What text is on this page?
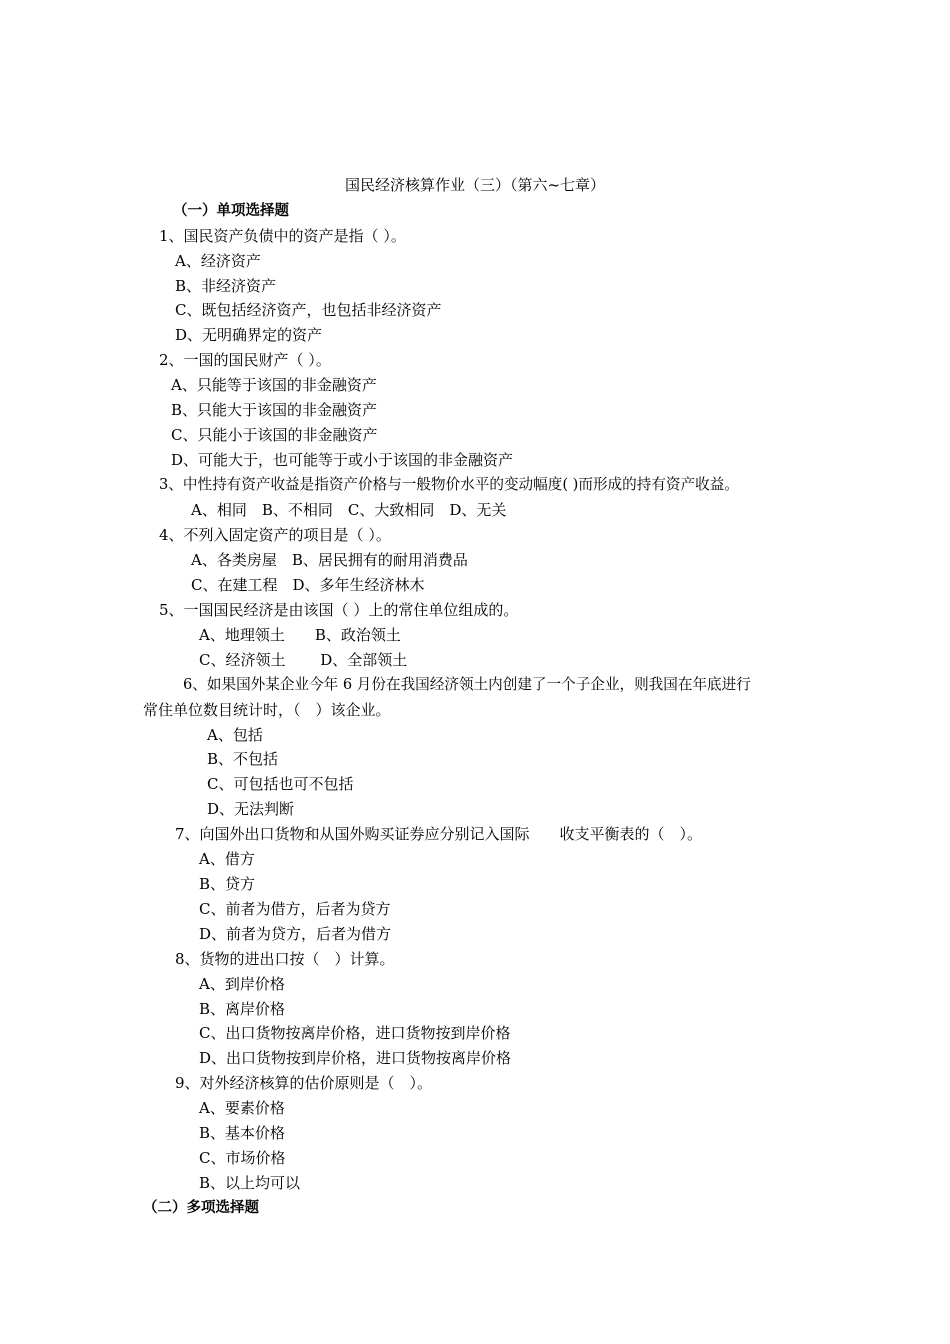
国民经济核算作业（三）（第六~七章）
（一）单项选择题
1、国民资产负债中的资产是指（ ）。
A、经济资产
B、非经济资产
C、既包括经济资产，也包括非经济资产
D、无明确界定的资产
2、一国的国民财产（ ）。
A、只能等于该国的非金融资产
B、只能大于该国的非金融资产
C、只能小于该国的非金融资产
D、可能大于，也可能等于或小于该国的非金融资产
3、中性持有资产收益是指资产价格与一般物价水平的变动幅度( )而形成的持有资产收益。
A、相同　B、不相同　C、大致相同　D、无关
4、不列入固定资产的项目是（ ）。
A、各类房屋　B、居民拥有的耐用消费品
C、在建工程　D、多年生经济林木
5、一国国民经济是由该国（ ）上的常住单位组成的。
A、地理领土　　B、政治领土
C、经济领土　　 D、全部领土
6、如果国外某企业今年 6 月份在我国经济领土内创建了一个子企业，则我国在年底进行
常住单位数目统计时，（　）该企业。
A、包括
B、不包括
C、可包括也可不包括
D、无法判断
7、向国外出口货物和从国外购买证券应分别记入国际　　收支平衡表的（　）。
A、借方
B、贷方
C、前者为借方，后者为贷方
D、前者为贷方，后者为借方
8、货物的进出口按（　）计算。
A、到岸价格
B、离岸价格
C、出口货物按离岸价格，进口货物按到岸价格
D、出口货物按到岸价格，进口货物按离岸价格
9、对外经济核算的估价原则是（　）。
A、要素价格
B、基本价格
C、市场价格
B、以上均可以
（二）多项选择题
